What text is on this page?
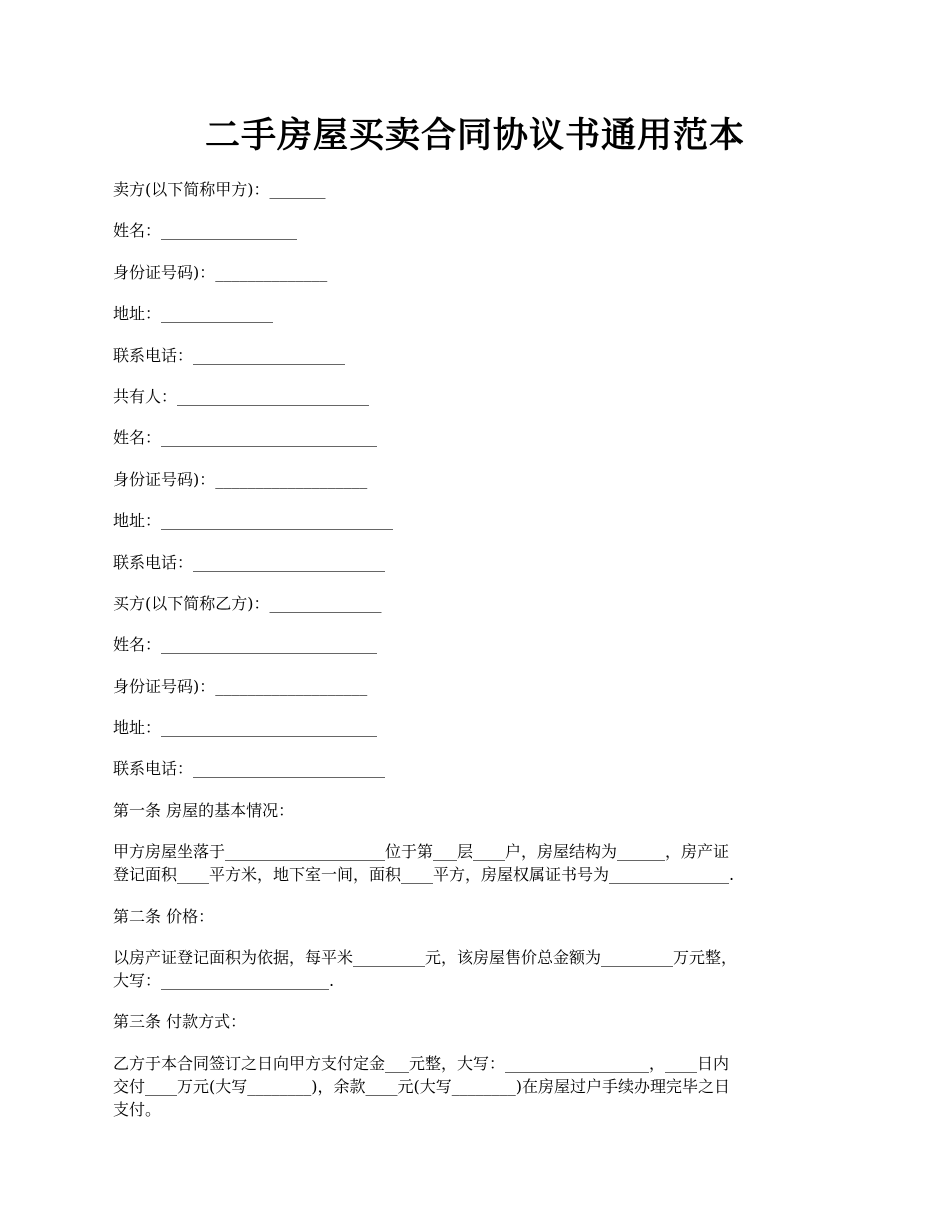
二手房屋买卖合同协议书通用范本
卖方(以下简称甲方)：_______
姓名：_________________
身份证号码)：______________
地址：______________
联系电话：___________________
共有人：________________________
姓名：___________________________
身份证号码)：___________________
地址：_____________________________
联系电话：________________________
买方(以下简称乙方)：______________
姓名：___________________________
身份证号码)：___________________
地址：___________________________
联系电话：________________________
第一条 房屋的基本情况：
甲方房屋坐落于____________________位于第___层____户，房屋结构为______，房产证
登记面积____平方米，地下室一间，面积____平方，房屋权属证书号为_______________.
第二条 价格：
以房产证登记面积为依据，每平米_________元，该房屋售价总金额为_________万元整，
大写：_____________________.
第三条 付款方式：
乙方于本合同签订之日向甲方支付定金___元整，大写：__________________，____日内
交付____万元(大写________)，余款____元(大写________)在房屋过户手续办理完毕之日
支付。
